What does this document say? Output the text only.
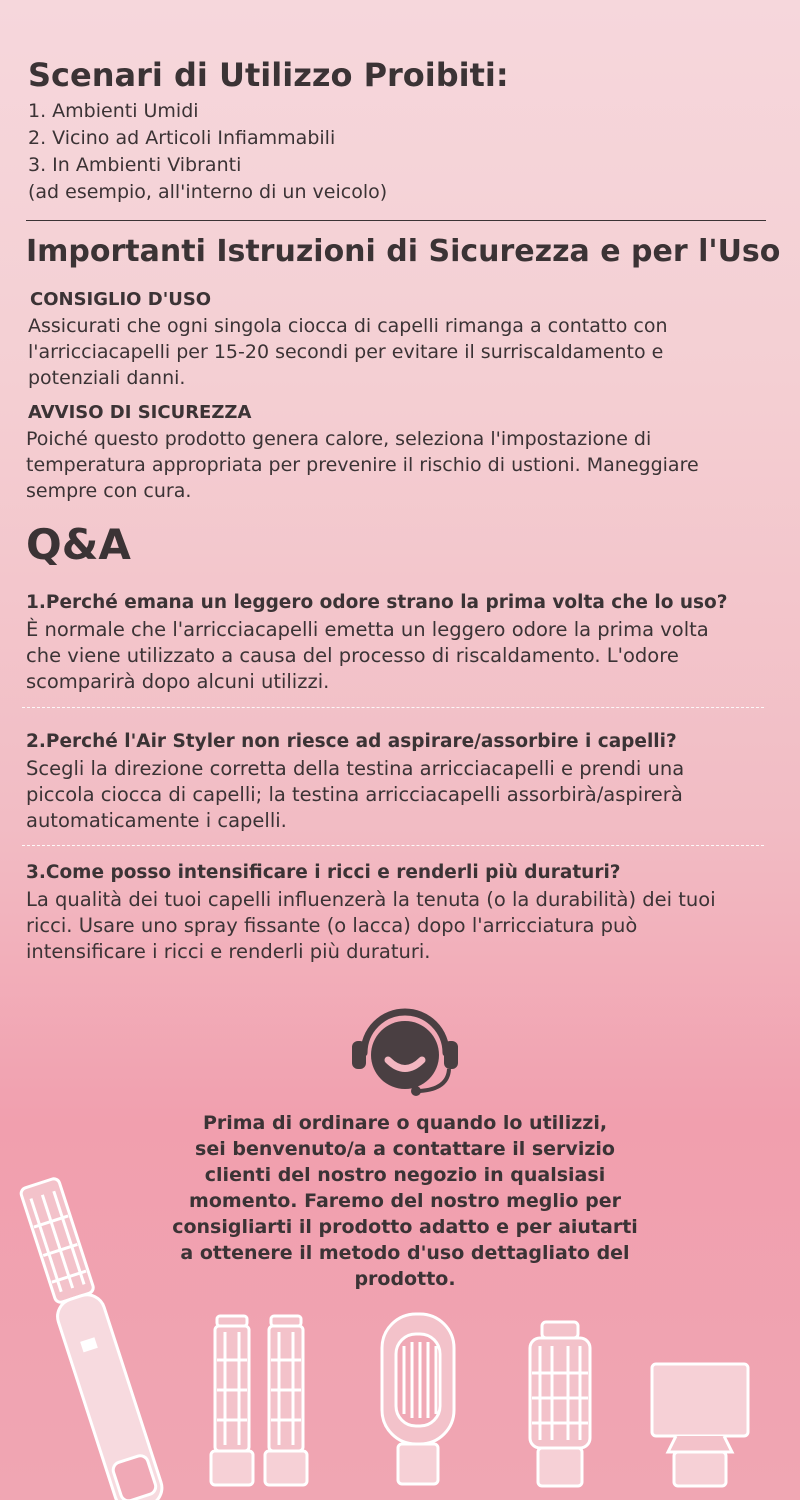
Scenari di Utilizzo Proibiti:
1. Ambienti Umidi
2. Vicino ad Articoli Infiammabili
3. In Ambienti Vibranti
(ad esempio, all'interno di un veicolo)
Importanti Istruzioni di Sicurezza e per l'Uso
CONSIGLIO D'USO
Assicurati che ogni singola ciocca di capelli rimanga a contatto con
l'arricciacapelli per 15-20 secondi per evitare il surriscaldamento e
potenziali danni.
AVVISO DI SICUREZZA
Poiché questo prodotto genera calore, seleziona l'impostazione di
temperatura appropriata per prevenire il rischio di ustioni. Maneggiare
sempre con cura.
Q&A
1.Perché emana un leggero odore strano la prima volta che lo uso?
È normale che l'arricciacapelli emetta un leggero odore la prima volta
che viene utilizzato a causa del processo di riscaldamento. L'odore
scomparirà dopo alcuni utilizzi.
2.Perché l'Air Styler non riesce ad aspirare/assorbire i capelli?
Scegli la direzione corretta della testina arricciacapelli e prendi una
piccola ciocca di capelli; la testina arricciacapelli assorbirà/aspirerà
automaticamente i capelli.
3.Come posso intensificare i ricci e renderli più duraturi?
La qualità dei tuoi capelli influenzerà la tenuta (o la durabilità) dei tuoi
ricci. Usare uno spray fissante (o lacca) dopo l'arricciatura può
intensificare i ricci e renderli più duraturi.
Prima di ordinare o quando lo utilizzi,
sei benvenuto/a a contattare il servizio
clienti del nostro negozio in qualsiasi
momento. Faremo del nostro meglio per
consigliarti il prodotto adatto e per aiutarti
a ottenere il metodo d'uso dettagliato del
prodotto.
